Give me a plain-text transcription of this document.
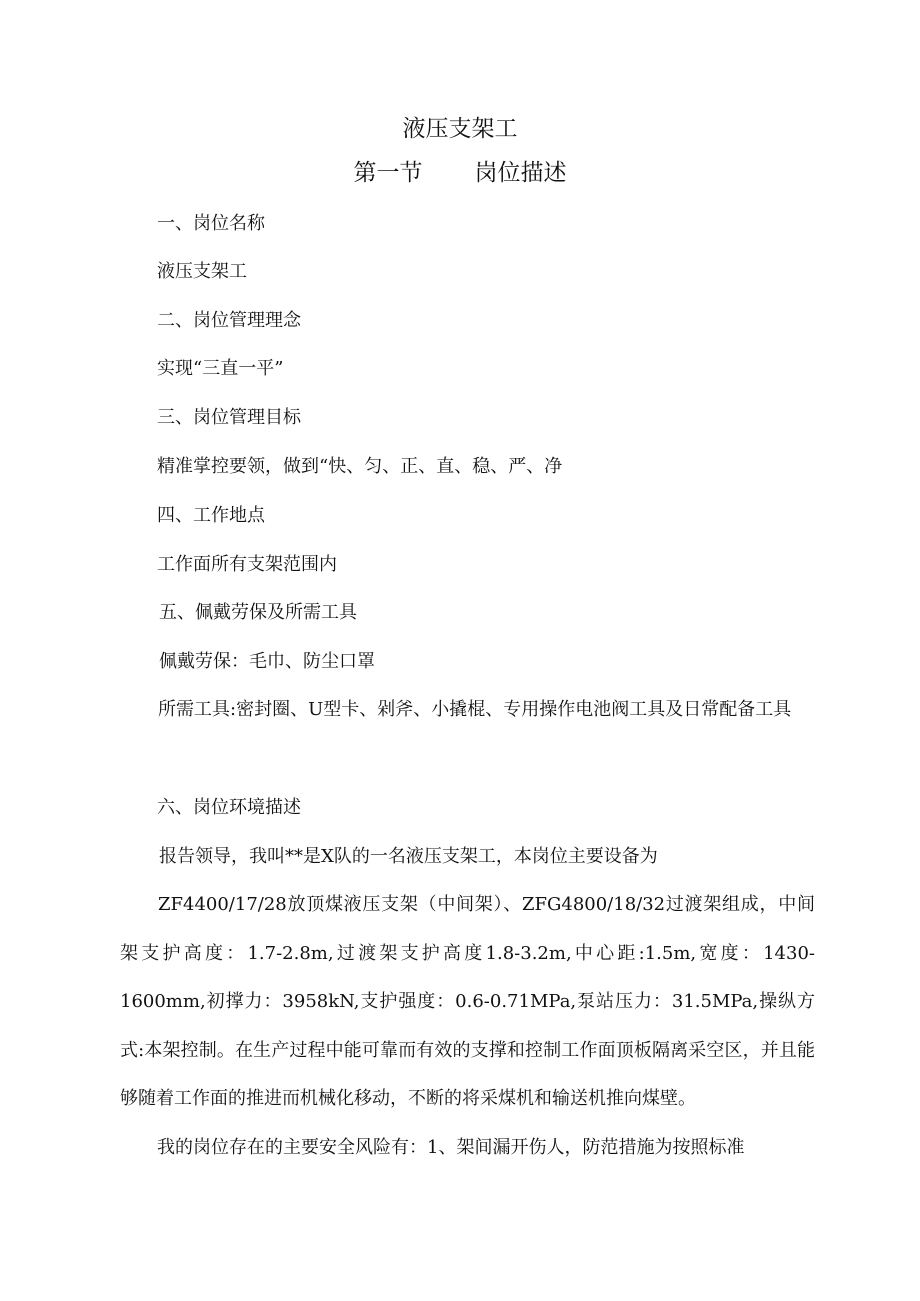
液压支架工
第一节 岗位描述
一、岗位名称
液压支架工
二、岗位管理理念
实现“三直一平”
三、岗位管理目标
精准掌控要领，做到“快、匀、正、直、稳、严、净
四、工作地点
工作面所有支架范围内
五、佩戴劳保及所需工具
佩戴劳保：毛巾、防尘口罩
所需工具:密封圈、U型卡、剁斧、小撬棍、专用操作电池阀工具及日常配备工具
六、岗位环境描述
报告领导，我叫**是X队的一名液压支架工，本岗位主要设备为
ZF4400/17/28放顶煤液压支架（中间架）、ZFG4800/18/32过渡架组成，中间架支护高度：1.7-2.8m,过渡架支护高度1.8-3.2m,中心距:1.5m,宽度：1430-1600mm,初撑力：3958kN,支护强度：0.6-0.71MPa,泵站压力：31.5MPa,操纵方式:本架控制。在生产过程中能可靠而有效的支撑和控制工作面顶板隔离采空区，并且能够随着工作面的推进而机械化移动，不断的将采煤机和输送机推向煤壁。
我的岗位存在的主要安全风险有：1、架间漏开伤人，防范措施为按照标准
